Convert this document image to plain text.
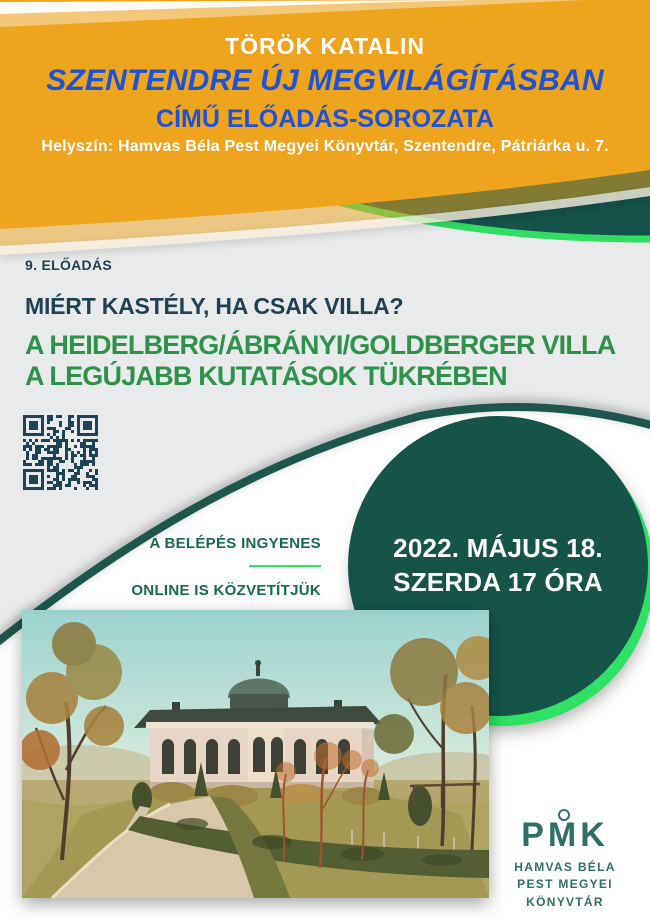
TÖRÖK KATALIN
SZENTENDRE ÚJ MEGVILÁGÍTÁSBAN
CÍMŰ ELŐADÁS-SOROZATA
Helyszín: Hamvas Béla Pest Megyei Könyvtár, Szentendre, Pátriárka u. 7.
9. ELŐADÁS
MIÉRT KASTÉLY, HA CSAK VILLA?
A HEIDELBERG/ÁBRÁNYI/GOLDBERGER VILLA
A LEGÚJABB KUTATÁSOK TÜKRÉBEN
A BELÉPÉS INGYENES
ONLINE IS KÖZVETÍTJÜK
2022. MÁJUS 18.
SZERDA 17 ÓRA
PM
K
HAMVAS BÉLA
PEST MEGYEI
KÖNYVTÁR
